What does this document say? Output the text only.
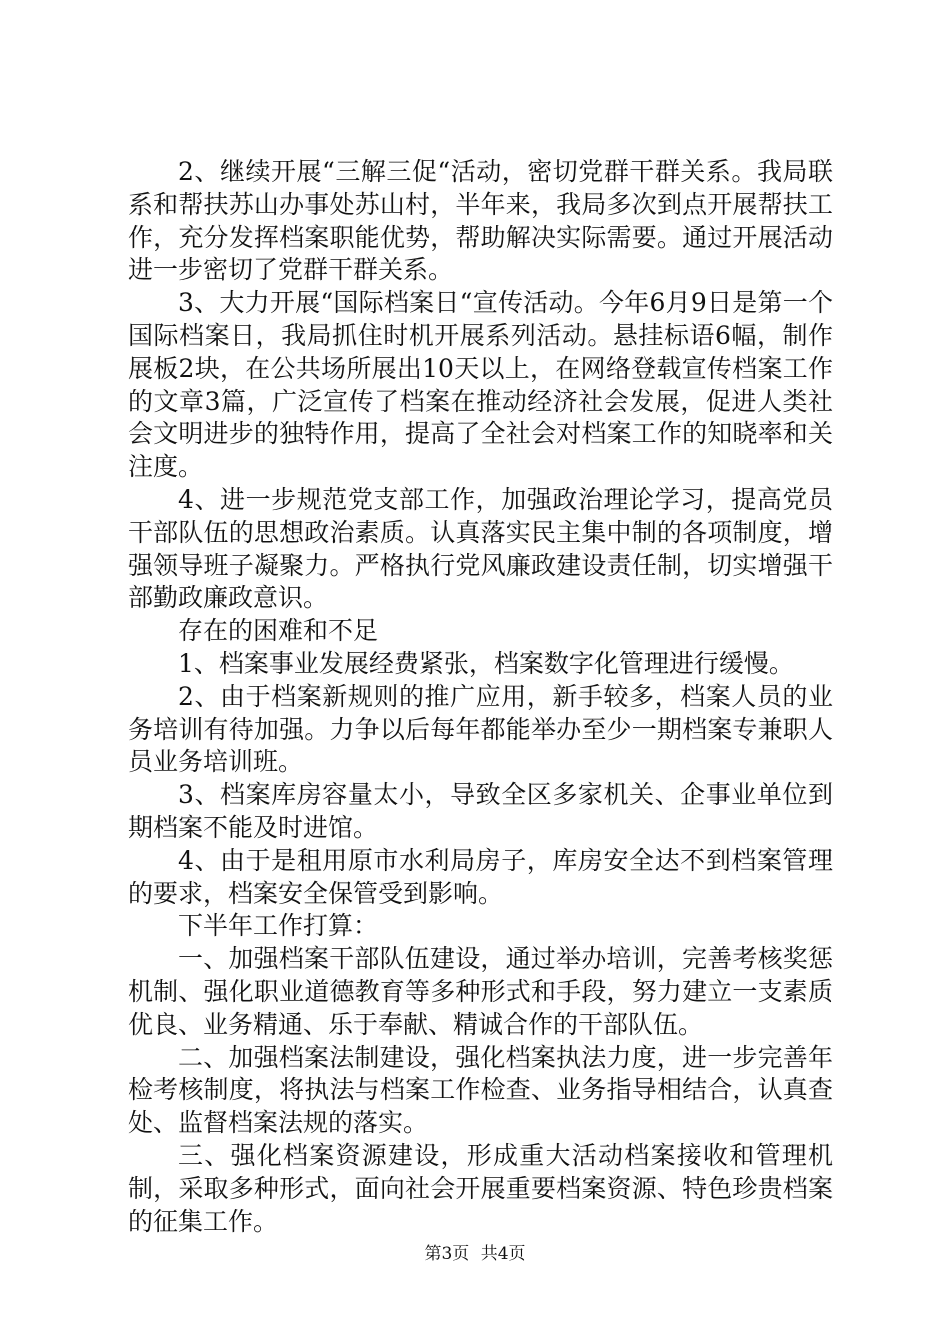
2、继续开展“三解三促“活动，密切党群干群关系。我局联系和帮扶苏山办事处苏山村，半年来，我局多次到点开展帮扶工作，充分发挥档案职能优势，帮助解决实际需要。通过开展活动进一步密切了党群干群关系。

3、大力开展“国际档案日“宣传活动。今年6月9日是第一个国际档案日，我局抓住时机开展系列活动。悬挂标语6幅，制作展板2块，在公共场所展出10天以上，在网络登载宣传档案工作的文章3篇，广泛宣传了档案在推动经济社会发展，促进人类社会文明进步的独特作用，提高了全社会对档案工作的知晓率和关注度。

4、进一步规范党支部工作，加强政治理论学习，提高党员干部队伍的思想政治素质。认真落实民主集中制的各项制度，增强领导班子凝聚力。严格执行党风廉政建设责任制，切实增强干部勤政廉政意识。

存在的困难和不足

1、档案事业发展经费紧张，档案数字化管理进行缓慢。

2、由于档案新规则的推广应用，新手较多，档案人员的业务培训有待加强。力争以后每年都能举办至少一期档案专兼职人员业务培训班。

3、档案库房容量太小，导致全区多家机关、企事业单位到期档案不能及时进馆。

4、由于是租用原市水利局房子，库房安全达不到档案管理的要求，档案安全保管受到影响。

下半年工作打算：

一、加强档案干部队伍建设，通过举办培训，完善考核奖惩机制、强化职业道德教育等多种形式和手段，努力建立一支素质优良、业务精通、乐于奉献、精诚合作的干部队伍。

二、加强档案法制建设，强化档案执法力度，进一步完善年检考核制度，将执法与档案工作检查、业务指导相结合，认真查处、监督档案法规的落实。

三、强化档案资源建设，形成重大活动档案接收和管理机制，采取多种形式，面向社会开展重要档案资源、特色珍贵档案的征集工作。

第3页 共4页
